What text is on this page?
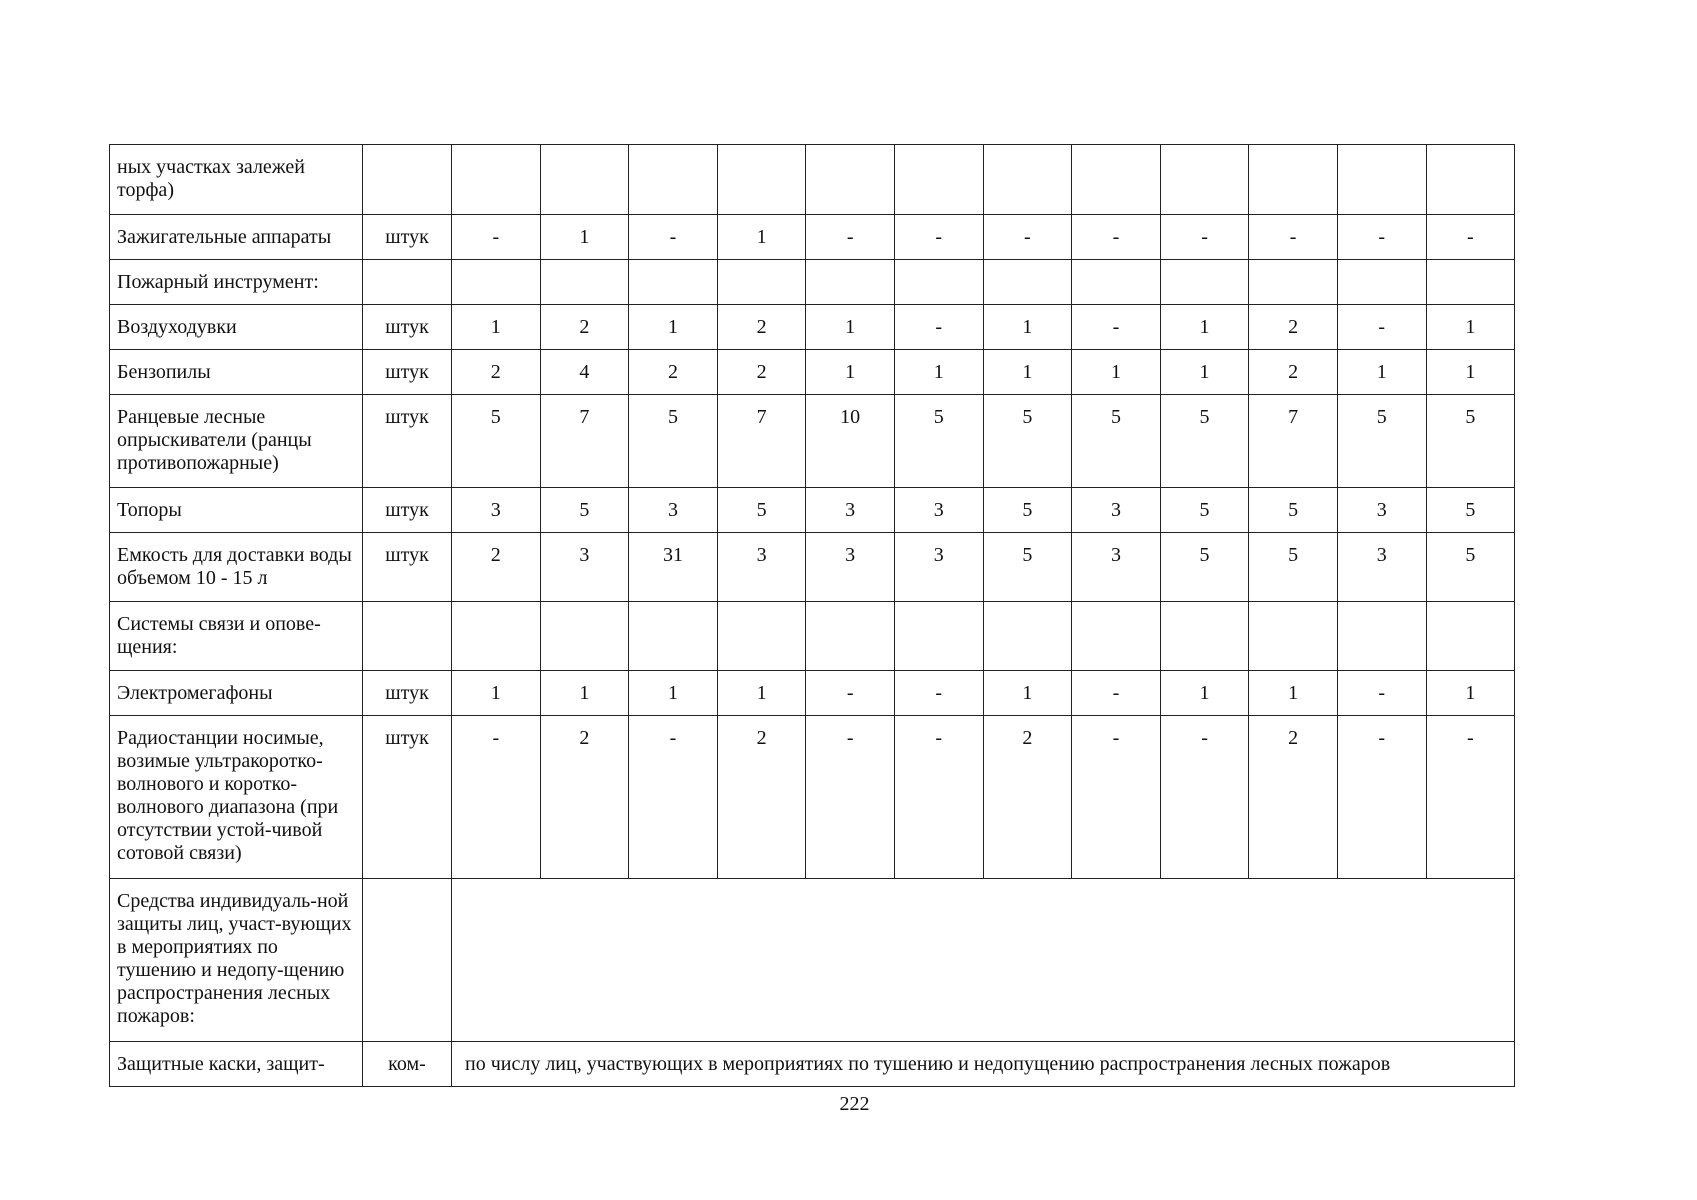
ных участках залежей торфа)													
Зажигательные аппараты	штук	-	1	-	1	-	-	-	-	-	-	-	-
Пожарный инструмент:													
Воздуходувки	штук	1	2	1	2	1	-	1	-	1	2	-	1
Бензопилы	штук	2	4	2	2	1	1	1	1	1	2	1	1
Ранцевые лесные опрыскиватели (ранцы противопожарные)	штук	5	7	5	7	10	5	5	5	5	7	5	5
Топоры	штук	3	5	3	5	3	3	5	3	5	5	3	5
Емкость для доставки воды объемом 10 - 15 л	штук	2	3	31	3	3	3	5	3	5	5	3	5
Системы связи и опове-щения:													
Электромегафоны	штук	1	1	1	1	-	-	1	-	1	1	-	1
Радиостанции носимые, возимые ультракоротко-волнового и коротко-волнового диапазона (при отсутствии устой-чивой сотовой связи)	штук	-	2	-	2	-	-	2	-	-	2	-	-
Средства индивидуаль-ной защиты лиц, участ-вующих в мероприятиях по тушению и недопу-щению распространения лесных пожаров:													
Защитные каски, защит-	ком-	по числу лиц, участвующих в мероприятиях по тушению и недопущению распространения лесных пожаров											
222
